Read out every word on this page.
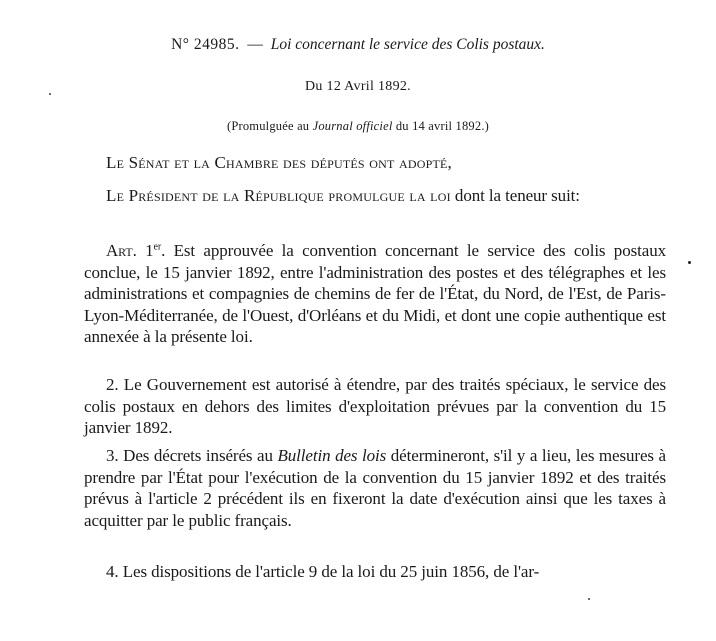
N° 24985. — Loi concernant le service des Colis postaux.
Du 12 Avril 1892.
(Promulguée au Journal officiel du 14 avril 1892.)
Le Sénat et la Chambre des députés ont adopté,
Le Président de la République promulgue la loi dont la teneur suit:
Art. 1er. Est approuvée la convention concernant le service des colis postaux conclue, le 15 janvier 1892, entre l'administration des postes et des télégraphes et les administrations et compagnies de chemins de fer de l'État, du Nord, de l'Est, de Paris-Lyon-Méditerranée, de l'Ouest, d'Orléans et du Midi, et dont une copie authentique est annexée à la présente loi.
2. Le Gouvernement est autorisé à étendre, par des traités spéciaux, le service des colis postaux en dehors des limites d'exploitation prévues par la convention du 15 janvier 1892.
3. Des décrets insérés au Bulletin des lois détermineront, s'il y a lieu, les mesures à prendre par l'État pour l'exécution de la convention du 15 janvier 1892 et des traités prévus à l'article 2 précédent ils en fixeront la date d'exécution ainsi que les taxes à acquitter par le public français.
4. Les dispositions de l'article 9 de la loi du 25 juin 1856, de l'ar-
